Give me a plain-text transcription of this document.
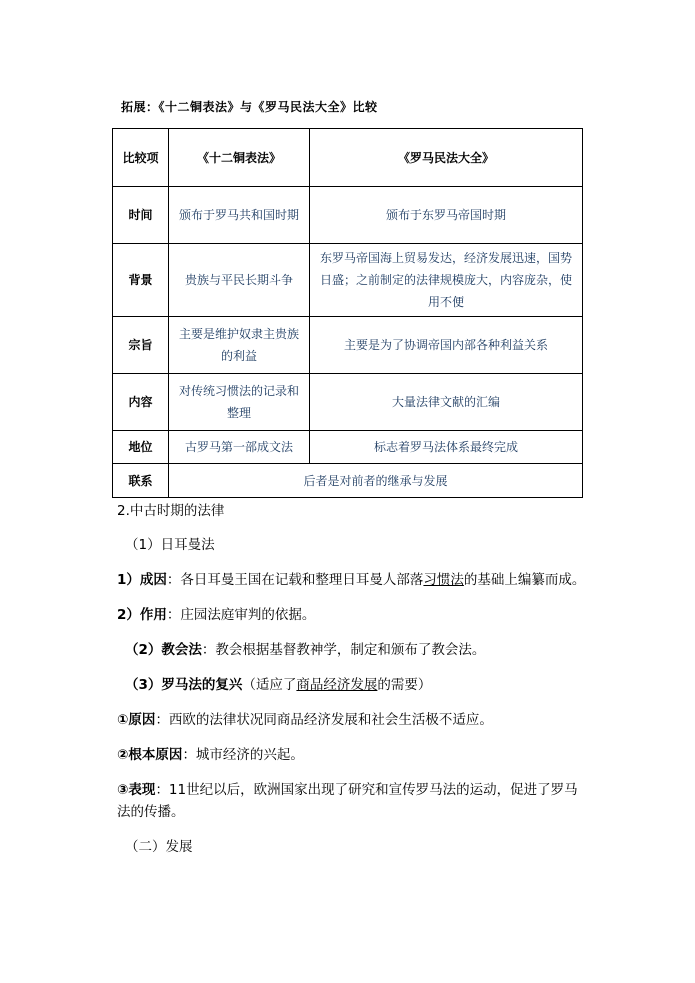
拓展：《十二铜表法》与《罗马民法大全》比较
比较项	《十二铜表法》	《罗马民法大全》
时间	颁布于罗马共和国时期	颁布于东罗马帝国时期
背景	贵族与平民长期斗争	东罗马帝国海上贸易发达，经济发展迅速，国势日盛；之前制定的法律规模庞大，内容庞杂，使用不便
宗旨	主要是维护奴隶主贵族的利益	主要是为了协调帝国内部各种利益关系
内容	对传统习惯法的记录和整理	大量法律文献的汇编
地位	古罗马第一部成文法	标志着罗马法体系最终完成
联系	后者是对前者的继承与发展	

2.中古时期的法律

（1）日耳曼法

1）成因：各日耳曼王国在记载和整理日耳曼人部落习惯法的基础上编纂而成。

2）作用：庄园法庭审判的依据。

（2）教会法：教会根据基督教神学，制定和颁布了教会法。

（3）罗马法的复兴（适应了商品经济发展的需要）

①原因：西欧的法律状况同商品经济发展和社会生活极不适应。

②根本原因：城市经济的兴起。

③表现：11世纪以后，欧洲国家出现了研究和宣传罗马法的运动，促进了罗马法的传播。

（二）发展
